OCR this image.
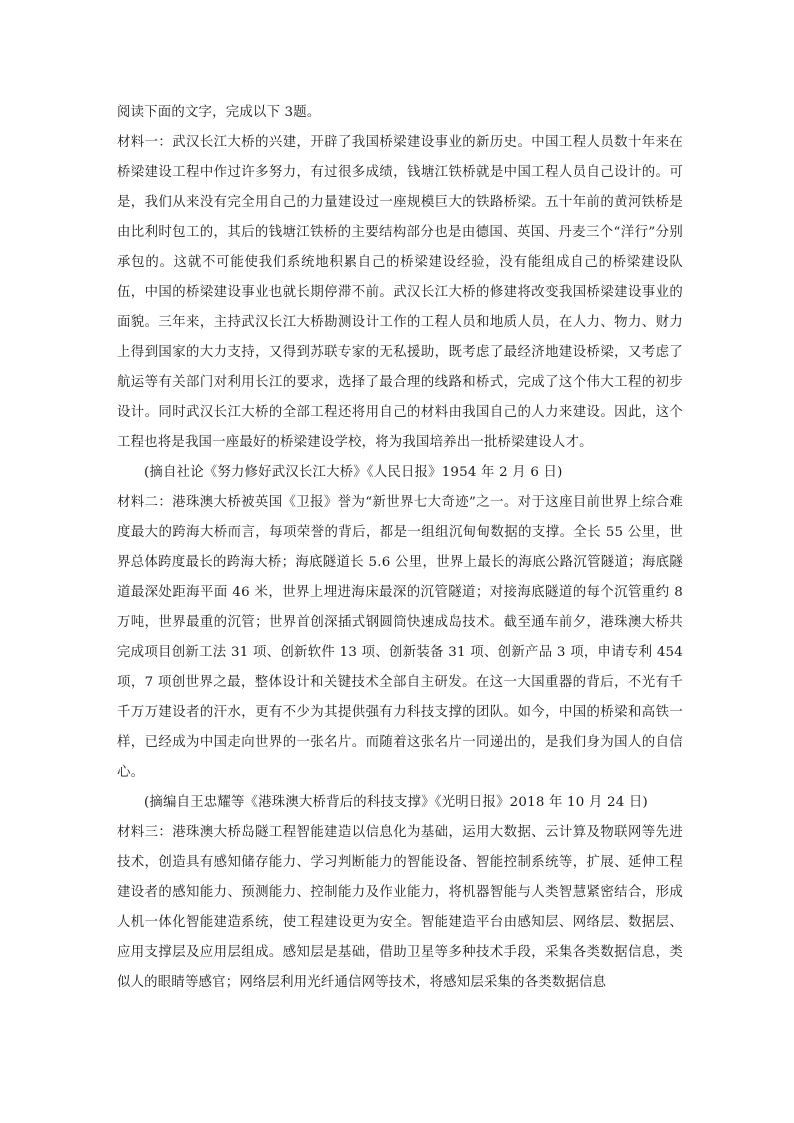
阅读下面的文字，完成以下 3题。

材料一：武汉长江大桥的兴建，开辟了我国桥梁建设事业的新历史。中国工程人员数十年来在桥梁建设工程中作过许多努力，有过很多成绩，钱塘江铁桥就是中国工程人员自己设计的。可是，我们从来没有完全用自己的力量建设过一座规模巨大的铁路桥梁。五十年前的黄河铁桥是由比利时包工的，其后的钱塘江铁桥的主要结构部分也是由德国、英国、丹麦三个“洋行”分别承包的。这就不可能使我们系统地积累自己的桥梁建设经验，没有能组成自己的桥梁建设队伍，中国的桥梁建设事业也就长期停滞不前。武汉长江大桥的修建将改变我国桥梁建设事业的面貌。三年来，主持武汉长江大桥勘测设计工作的工程人员和地质人员，在人力、物力、财力上得到国家的大力支持，又得到苏联专家的无私援助，既考虑了最经济地建设桥梁，又考虑了航运等有关部门对利用长江的要求，选择了最合理的线路和桥式，完成了这个伟大工程的初步设计。同时武汉长江大桥的全部工程还将用自己的材料由我国自己的人力来建设。因此，这个工程也将是我国一座最好的桥梁建设学校，将为我国培养出一批桥梁建设人才。

(摘自社论《努力修好武汉长江大桥》《人民日报》1954 年 2 月 6 日)

材料二：港珠澳大桥被英国《卫报》誉为“新世界七大奇迹”之一。对于这座目前世界上综合难度最大的跨海大桥而言，每项荣誉的背后，都是一组组沉甸甸数据的支撑。全长 55 公里，世界总体跨度最长的跨海大桥；海底隧道长 5.6 公里，世界上最长的海底公路沉管隧道；海底隧道最深处距海平面 46 米，世界上埋进海床最深的沉管隧道；对接海底隧道的每个沉管重约 8 万吨，世界最重的沉管；世界首创深插式钢圆筒快速成岛技术。截至通车前夕，港珠澳大桥共完成项目创新工法 31 项、创新软件 13 项、创新装备 31 项、创新产品 3 项，申请专利 454 项，7 项创世界之最，整体设计和关键技术全部自主研发。在这一大国重器的背后，不光有千千万万建设者的汗水，更有不少为其提供强有力科技支撑的团队。如今，中国的桥梁和高铁一样，已经成为中国走向世界的一张名片。而随着这张名片一同递出的，是我们身为国人的自信心。

(摘编自王忠耀等《港珠澳大桥背后的科技支撑》《光明日报》2018 年 10 月 24 日)

材料三：港珠澳大桥岛隧工程智能建造以信息化为基础，运用大数据、云计算及物联网等先进技术，创造具有感知储存能力、学习判断能力的智能设备、智能控制系统等，扩展、延伸工程建设者的感知能力、预测能力、控制能力及作业能力，将机器智能与人类智慧紧密结合，形成人机一体化智能建造系统，使工程建设更为安全。智能建造平台由感知层、网络层、数据层、应用支撑层及应用层组成。感知层是基础，借助卫星等多种技术手段，采集各类数据信息，类似人的眼睛等感官；网络层利用光纤通信网等技术，将感知层采集的各类数据信息
